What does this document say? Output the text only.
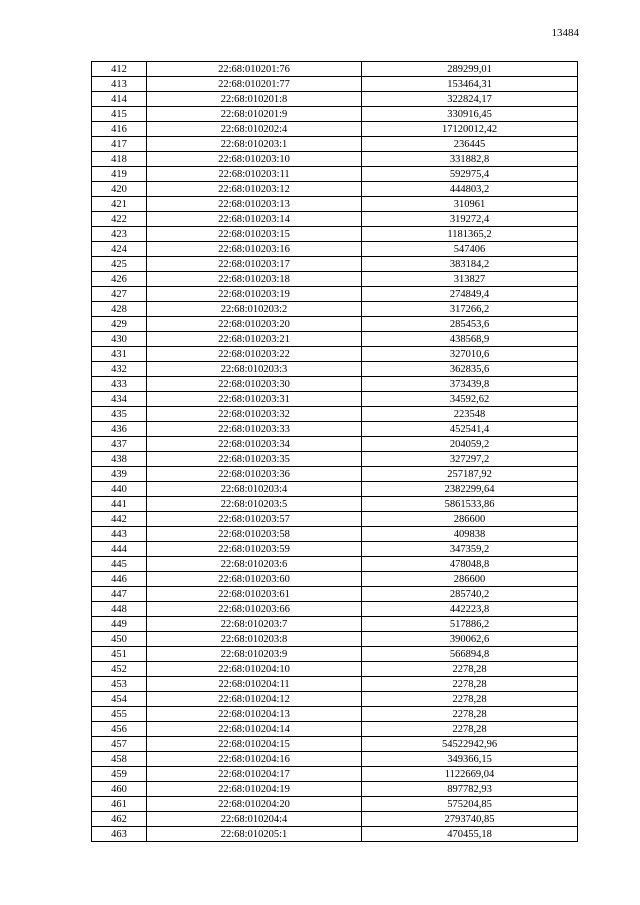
13484
412	22:68:010201:76	289299,01
413	22:68:010201:77	153464,31
414	22:68:010201:8	322824,17
415	22:68:010201:9	330916,45
416	22:68:010202:4	17120012,42
417	22:68:010203:1	236445
418	22:68:010203:10	331882,8
419	22:68:010203:11	592975,4
420	22:68:010203:12	444803,2
421	22:68:010203:13	310961
422	22:68:010203:14	319272,4
423	22:68:010203:15	1181365,2
424	22:68:010203:16	547406
425	22:68:010203:17	383184,2
426	22:68:010203:18	313827
427	22:68:010203:19	274849,4
428	22:68:010203:2	317266,2
429	22:68:010203:20	285453,6
430	22:68:010203:21	438568,9
431	22:68:010203:22	327010,6
432	22:68:010203:3	362835,6
433	22:68:010203:30	373439,8
434	22:68:010203:31	34592,62
435	22:68:010203:32	223548
436	22:68:010203:33	452541,4
437	22:68:010203:34	204059,2
438	22:68:010203:35	327297,2
439	22:68:010203:36	257187,92
440	22:68:010203:4	2382299,64
441	22:68:010203:5	5861533,86
442	22:68:010203:57	286600
443	22:68:010203:58	409838
444	22:68:010203:59	347359,2
445	22:68:010203:6	478048,8
446	22:68:010203:60	286600
447	22:68:010203:61	285740,2
448	22:68:010203:66	442223,8
449	22:68:010203:7	517886,2
450	22:68:010203:8	390062,6
451	22:68:010203:9	566894,8
452	22:68:010204:10	2278,28
453	22:68:010204:11	2278,28
454	22:68:010204:12	2278,28
455	22:68:010204:13	2278,28
456	22:68:010204:14	2278,28
457	22:68:010204:15	54522942,96
458	22:68:010204:16	349366,15
459	22:68:010204:17	1122669,04
460	22:68:010204:19	897782,93
461	22:68:010204:20	575204,85
462	22:68:010204:4	2793740,85
463	22:68:010205:1	470455,18
